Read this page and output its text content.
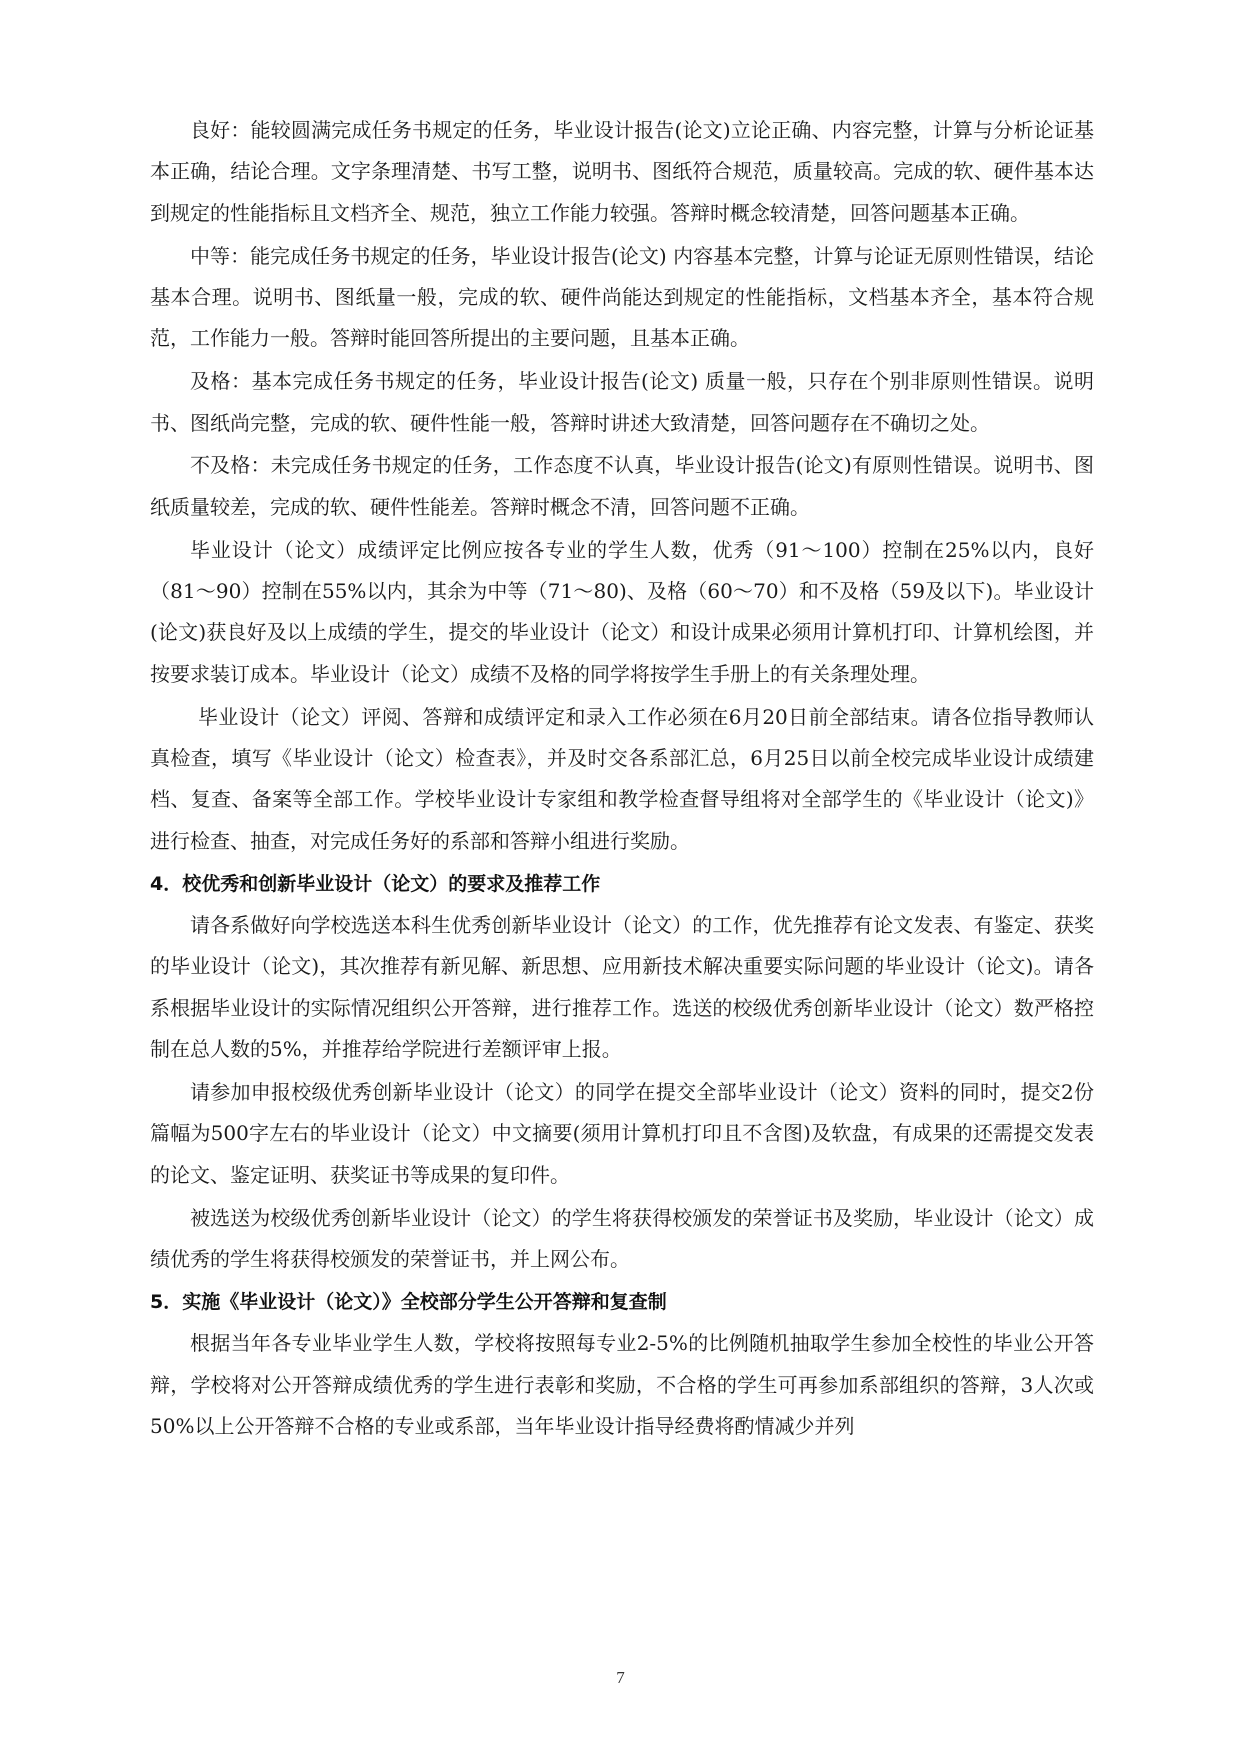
良好：能较圆满完成任务书规定的任务，毕业设计报告(论文)立论正确、内容完整，计算与分析论证基本正确，结论合理。文字条理清楚、书写工整，说明书、图纸符合规范，质量较高。完成的软、硬件基本达到规定的性能指标且文档齐全、规范，独立工作能力较强。答辩时概念较清楚，回答问题基本正确。

中等：能完成任务书规定的任务，毕业设计报告(论文) 内容基本完整，计算与论证无原则性错误，结论基本合理。说明书、图纸量一般，完成的软、硬件尚能达到规定的性能指标，文档基本齐全，基本符合规范，工作能力一般。答辩时能回答所提出的主要问题，且基本正确。

及格：基本完成任务书规定的任务，毕业设计报告(论文) 质量一般，只存在个别非原则性错误。说明书、图纸尚完整，完成的软、硬件性能一般，答辩时讲述大致清楚，回答问题存在不确切之处。

不及格：未完成任务书规定的任务，工作态度不认真，毕业设计报告(论文)有原则性错误。说明书、图纸质量较差，完成的软、硬件性能差。答辩时概念不清，回答问题不正确。

毕业设计（论文）成绩评定比例应按各专业的学生人数，优秀（91～100）控制在25%以内，良好（81～90）控制在55%以内，其余为中等（71～80)、及格（60～70）和不及格（59及以下)。毕业设计(论文)获良好及以上成绩的学生，提交的毕业设计（论文）和设计成果必须用计算机打印、计算机绘图，并按要求装订成本。毕业设计（论文）成绩不及格的同学将按学生手册上的有关条理处理。

毕业设计（论文）评阅、答辩和成绩评定和录入工作必须在6月20日前全部结束。请各位指导教师认真检查，填写《毕业设计（论文）检查表》，并及时交各系部汇总，6月25日以前全校完成毕业设计成绩建档、复查、备案等全部工作。学校毕业设计专家组和教学检查督导组将对全部学生的《毕业设计（论文)》进行检查、抽查，对完成任务好的系部和答辩小组进行奖励。

4．校优秀和创新毕业设计（论文）的要求及推荐工作

请各系做好向学校选送本科生优秀创新毕业设计（论文）的工作，优先推荐有论文发表、有鉴定、获奖的毕业设计（论文)，其次推荐有新见解、新思想、应用新技术解决重要实际问题的毕业设计（论文)。请各系根据毕业设计的实际情况组织公开答辩，进行推荐工作。选送的校级优秀创新毕业设计（论文）数严格控制在总人数的5%，并推荐给学院进行差额评审上报。

请参加申报校级优秀创新毕业设计（论文）的同学在提交全部毕业设计（论文）资料的同时，提交2份篇幅为500字左右的毕业设计（论文）中文摘要(须用计算机打印且不含图)及软盘，有成果的还需提交发表的论文、鉴定证明、获奖证书等成果的复印件。

被选送为校级优秀创新毕业设计（论文）的学生将获得校颁发的荣誉证书及奖励，毕业设计（论文）成绩优秀的学生将获得校颁发的荣誉证书，并上网公布。

5．实施《毕业设计（论文）》全校部分学生公开答辩和复查制

根据当年各专业毕业学生人数，学校将按照每专业2-5%的比例随机抽取学生参加全校性的毕业公开答辩，学校将对公开答辩成绩优秀的学生进行表彰和奖励，不合格的学生可再参加系部组织的答辩，3人次或50%以上公开答辩不合格的专业或系部，当年毕业设计指导经费将酌情减少并列

7
